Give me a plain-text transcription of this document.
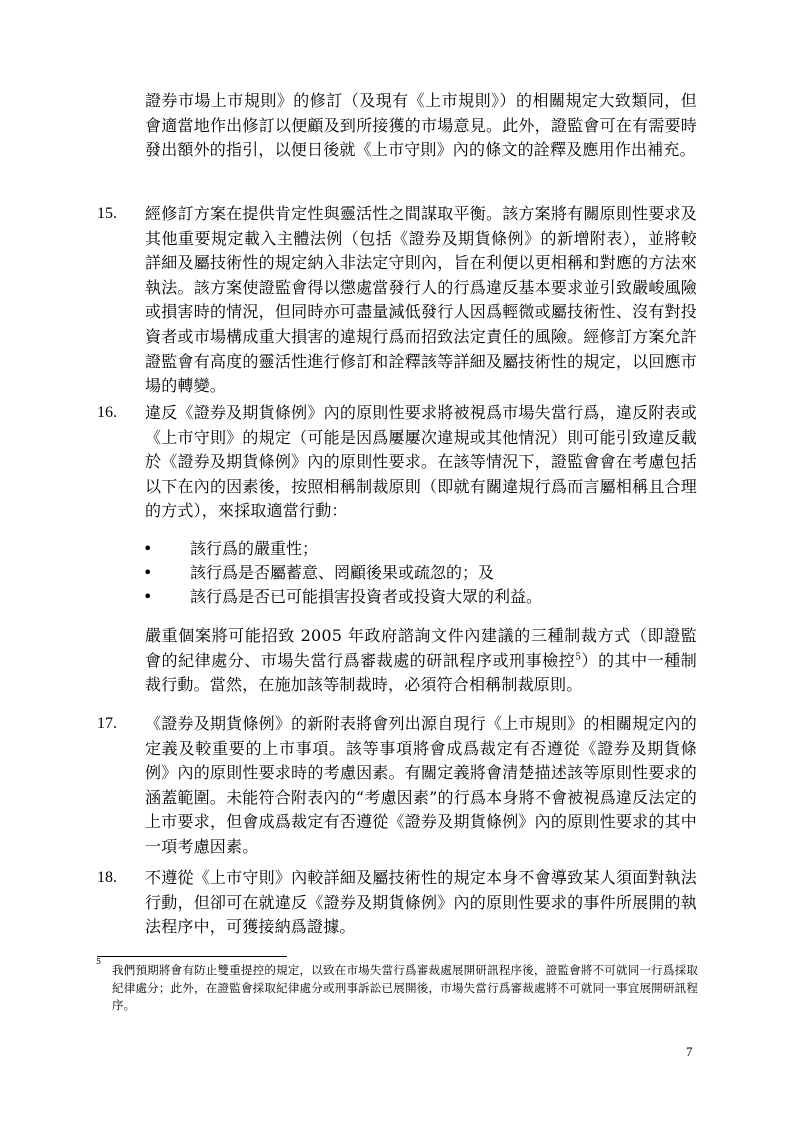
證券市場上市規則》的修訂（及現有《上市規則》）的相關規定大致類同，但會適當地作出修訂以便顧及到所接獲的市場意見。此外，證監會可在有需要時發出額外的指引，以便日後就《上市守則》內的條文的詮釋及應用作出補充。
15. 經修訂方案在提供肯定性與靈活性之間謀取平衡。該方案將有關原則性要求及其他重要規定載入主體法例（包括《證券及期貨條例》的新增附表），並將較詳細及屬技術性的規定納入非法定守則內，旨在利便以更相稱和對應的方法來執法。該方案使證監會得以懲處當發行人的行爲違反基本要求並引致嚴峻風險或損害時的情況，但同時亦可盡量減低發行人因爲輕微或屬技術性、沒有對投資者或市場構成重大損害的違規行爲而招致法定責任的風險。經修訂方案允許證監會有高度的靈活性進行修訂和詮釋該等詳細及屬技術性的規定，以回應市場的轉變。
16. 違反《證券及期貨條例》內的原則性要求將被視爲市場失當行爲，違反附表或《上市守則》的規定（可能是因爲屢屢次違規或其他情況）則可能引致違反載於《證券及期貨條例》內的原則性要求。在該等情況下，證監會會在考慮包括以下在內的因素後，按照相稱制裁原則（即就有關違規行爲而言屬相稱且合理的方式），來採取適當行動：
• 該行爲的嚴重性；
• 該行爲是否屬蓄意、罔顧後果或疏忽的；及
• 該行爲是否已可能損害投資者或投資大眾的利益。
嚴重個案將可能招致 2005 年政府諮詢文件內建議的三種制裁方式（即證監會的紀律處分、市場失當行爲審裁處的研訊程序或刑事檢控$^5$）的其中一種制裁行動。當然，在施加該等制裁時，必須符合相稱制裁原則。
17. 《證券及期貨條例》的新附表將會列出源自現行《上市規則》的相關規定內的定義及較重要的上市事項。該等事項將會成爲裁定有否遵從《證券及期貨條例》內的原則性要求時的考慮因素。有關定義將會清楚描述該等原則性要求的涵蓋範圍。未能符合附表內的“考慮因素”的行爲本身將不會被視爲違反法定的上市要求，但會成爲裁定有否遵從《證券及期貨條例》內的原則性要求的其中一項考慮因素。
18. 不遵從《上市守則》內較詳細及屬技術性的規定本身不會導致某人須面對執法行動，但卻可在就違反《證券及期貨條例》內的原則性要求的事件所展開的執法程序中，可獲接納爲證據。
5
我們預期將會有防止雙重提控的規定，以致在市場失當行爲審裁處展開研訊程序後，證監會將不可就同一行爲採取紀律處分；此外，在證監會採取紀律處分或刑事訴訟已展開後，市場失當行爲審裁處將不可就同一事宜展開研訊程序。
7
